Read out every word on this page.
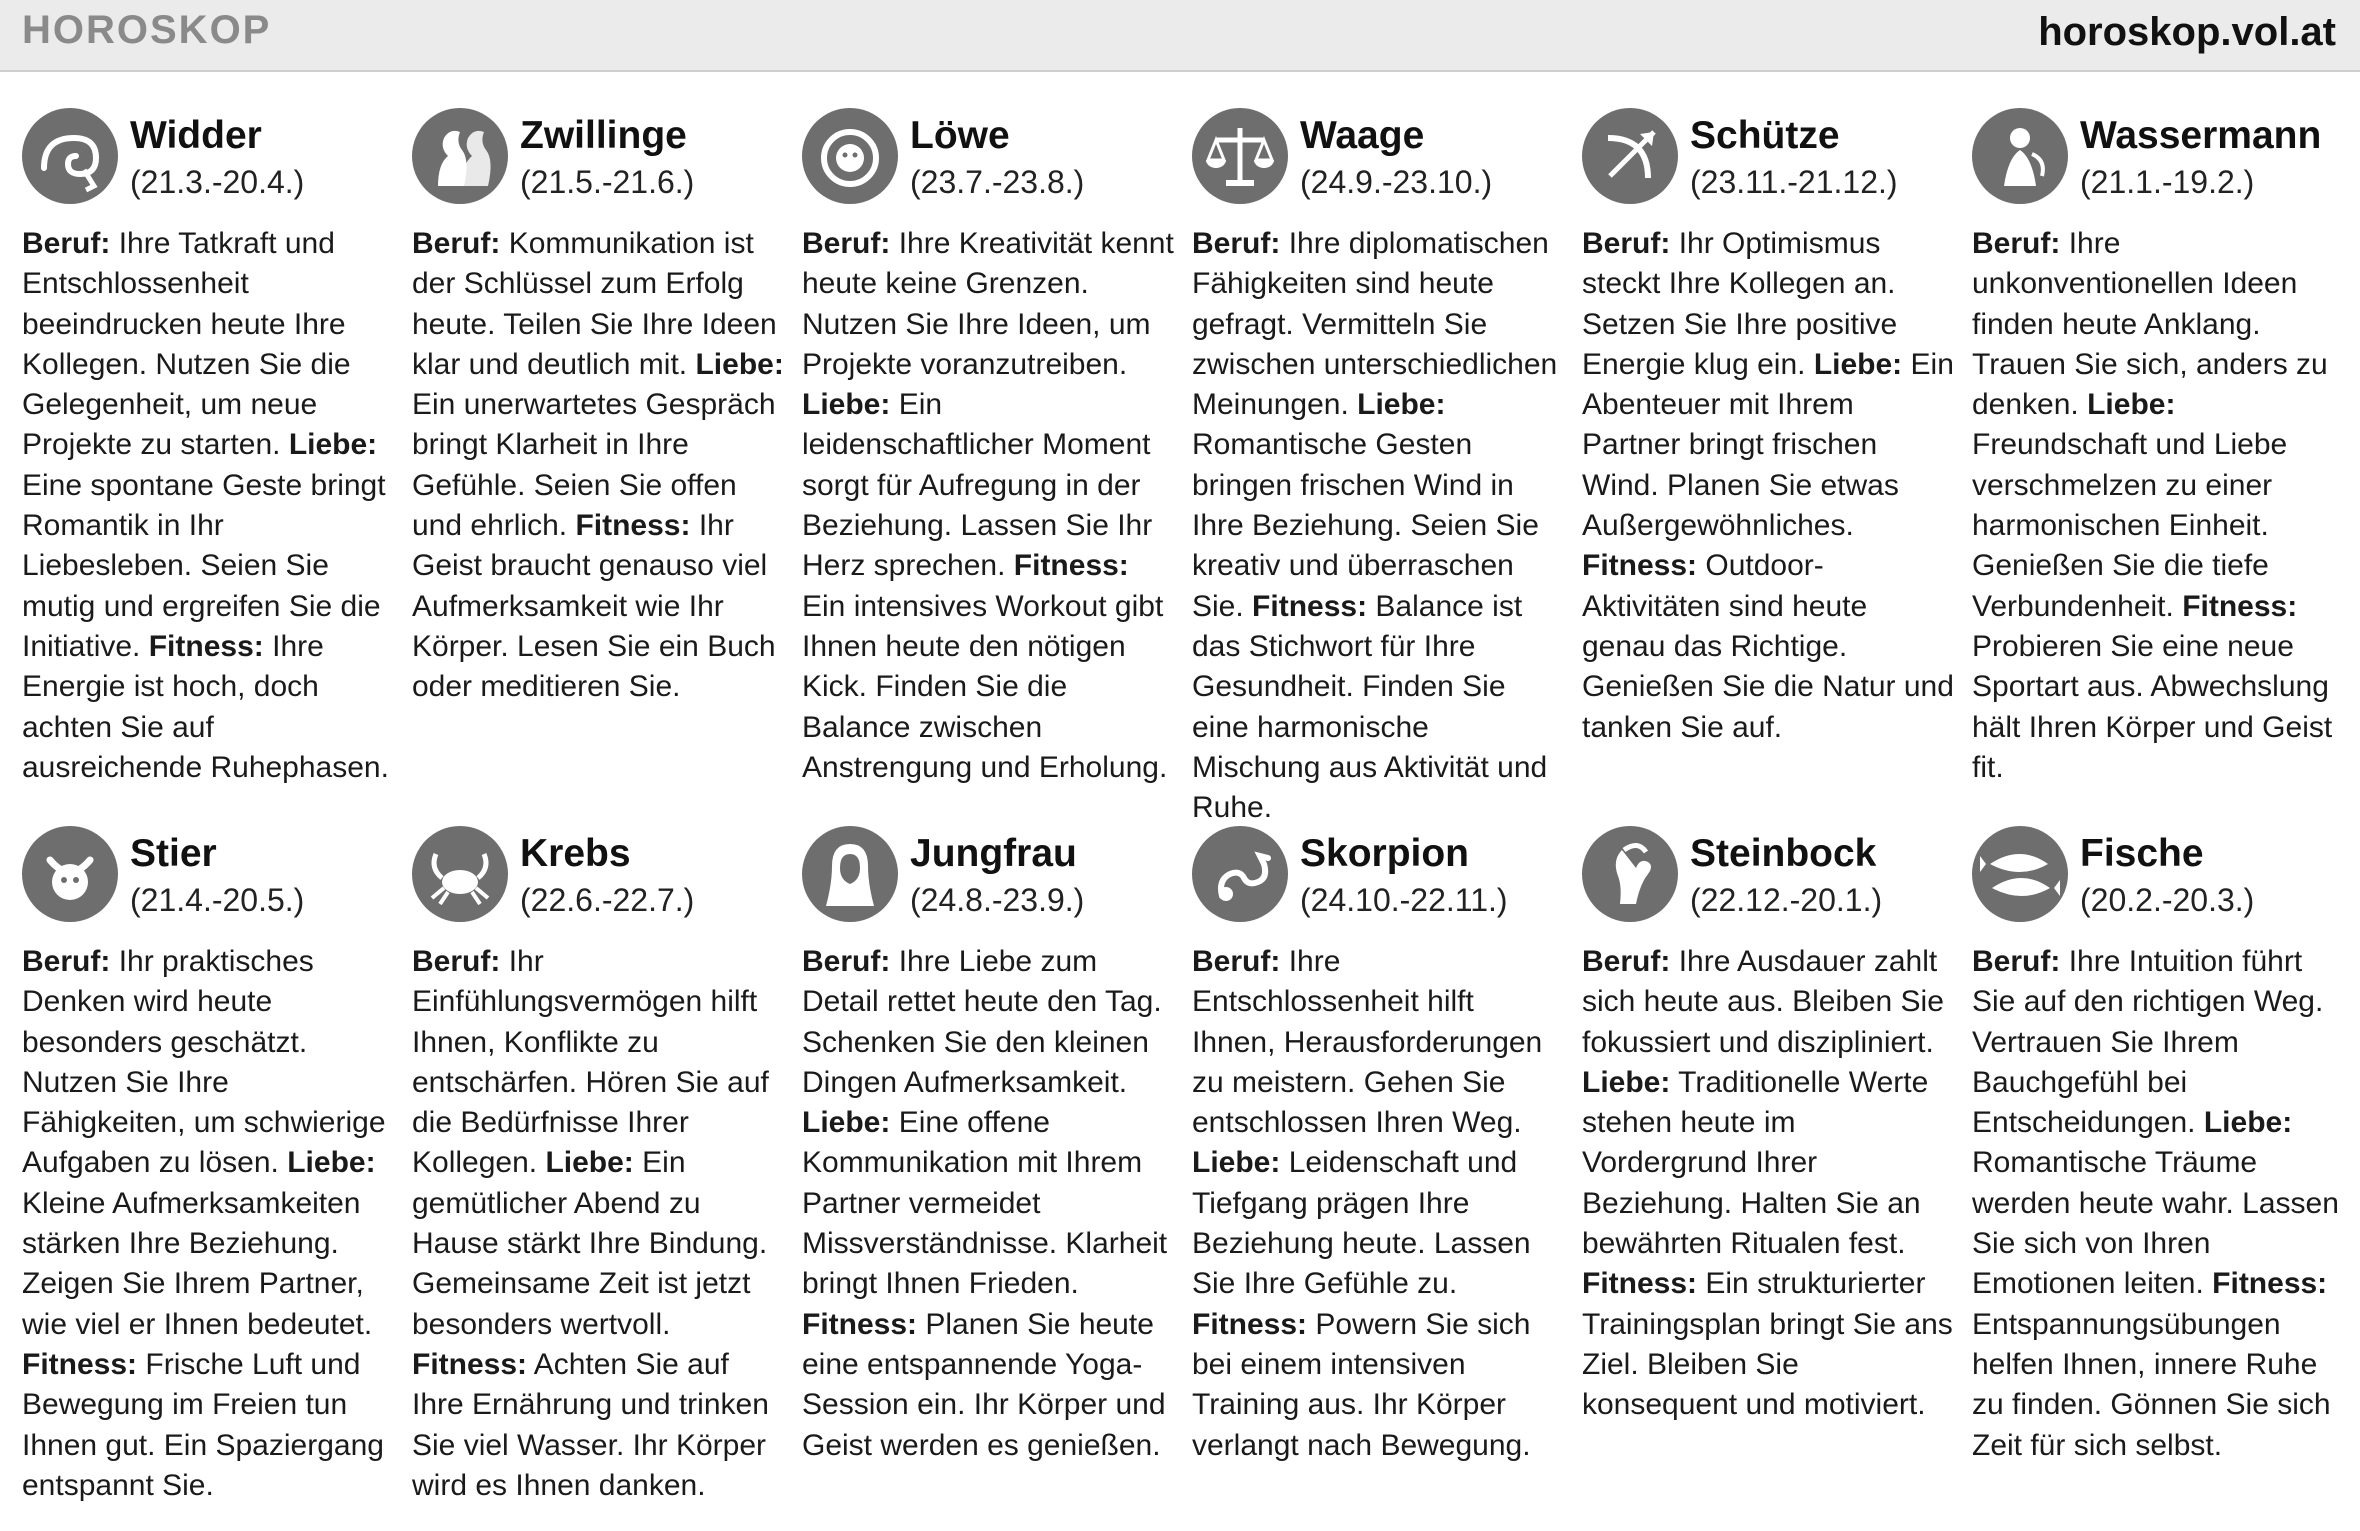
HOROSKOP	horoskop.vol.at
Widder
(21.3.-20.4.)

Beruf: Ihre Tatkraft und Entschlossenheit beeindrucken heute Ihre Kollegen. Nutzen Sie die Gelegenheit, um neue Projekte zu starten. Liebe: Eine spontane Geste bringt Romantik in Ihr Liebesleben. Seien Sie mutig und ergreifen Sie die Initiative. Fitness: Ihre Energie ist hoch, doch achten Sie auf ausreichende Ruhephasen.

Zwillinge
(21.5.-21.6.)

Beruf: Kommunikation ist der Schlüssel zum Erfolg heute. Teilen Sie Ihre Ideen klar und deutlich mit. Liebe: Ein unerwartetes Gespräch bringt Klarheit in Ihre Gefühle. Seien Sie offen und ehrlich. Fitness: Ihr Geist braucht genauso viel Aufmerksamkeit wie Ihr Körper. Lesen Sie ein Buch oder meditieren Sie.

Löwe
(23.7.-23.8.)

Beruf: Ihre Kreativität kennt heute keine Grenzen. Nutzen Sie Ihre Ideen, um Projekte voranzutreiben. Liebe: Ein leidenschaftlicher Moment sorgt für Aufregung in der Beziehung. Lassen Sie Ihr Herz sprechen. Fitness: Ein intensives Workout gibt Ihnen heute den nötigen Kick. Finden Sie die Balance zwischen Anstrengung und Erholung.

Waage
(24.9.-23.10.)

Beruf: Ihre diplomatischen Fähigkeiten sind heute gefragt. Vermitteln Sie zwischen unterschiedlichen Meinungen. Liebe: Romantische Gesten bringen frischen Wind in Ihre Beziehung. Seien Sie kreativ und überraschen Sie. Fitness: Balance ist das Stichwort für Ihre Gesundheit. Finden Sie eine harmonische Mischung aus Aktivität und Ruhe.

Schütze
(23.11.-21.12.)

Beruf: Ihr Optimismus steckt Ihre Kollegen an. Setzen Sie Ihre positive Energie klug ein. Liebe: Ein Abenteuer mit Ihrem Partner bringt frischen Wind. Planen Sie etwas Außergewöhnliches. Fitness: Outdoor-Aktivitäten sind heute genau das Richtige. Genießen Sie die Natur und tanken Sie auf.

Wassermann
(21.1.-19.2.)

Beruf: Ihre unkonventionellen Ideen finden heute Anklang. Trauen Sie sich, anders zu denken. Liebe: Freundschaft und Liebe verschmelzen zu einer harmonischen Einheit. Genießen Sie die tiefe Verbundenheit. Fitness: Probieren Sie eine neue Sportart aus. Abwechslung hält Ihren Körper und Geist fit.

Stier
(21.4.-20.5.)

Beruf: Ihr praktisches Denken wird heute besonders geschätzt. Nutzen Sie Ihre Fähigkeiten, um schwierige Aufgaben zu lösen. Liebe: Kleine Aufmerksamkeiten stärken Ihre Beziehung. Zeigen Sie Ihrem Partner, wie viel er Ihnen bedeutet. Fitness: Frische Luft und Bewegung im Freien tun Ihnen gut. Ein Spaziergang entspannt Sie.

Krebs
(22.6.-22.7.)

Beruf: Ihr Einfühlungsvermögen hilft Ihnen, Konflikte zu entschärfen. Hören Sie auf die Bedürfnisse Ihrer Kollegen. Liebe: Ein gemütlicher Abend zu Hause stärkt Ihre Bindung. Gemeinsame Zeit ist jetzt besonders wertvoll. Fitness: Achten Sie auf Ihre Ernährung und trinken Sie viel Wasser. Ihr Körper wird es Ihnen danken.

Jungfrau
(24.8.-23.9.)

Beruf: Ihre Liebe zum Detail rettet heute den Tag. Schenken Sie den kleinen Dingen Aufmerksamkeit. Liebe: Eine offene Kommunikation mit Ihrem Partner vermeidet Missverständnisse. Klarheit bringt Ihnen Frieden. Fitness: Planen Sie heute eine entspannende Yoga-Session ein. Ihr Körper und Geist werden es genießen.

Skorpion
(24.10.-22.11.)

Beruf: Ihre Entschlossenheit hilft Ihnen, Herausforderungen zu meistern. Gehen Sie entschlossen Ihren Weg. Liebe: Leidenschaft und Tiefgang prägen Ihre Beziehung heute. Lassen Sie Ihre Gefühle zu. Fitness: Powern Sie sich bei einem intensiven Training aus. Ihr Körper verlangt nach Bewegung.

Steinbock
(22.12.-20.1.)

Beruf: Ihre Ausdauer zahlt sich heute aus. Bleiben Sie fokussiert und diszipliniert. Liebe: Traditionelle Werte stehen heute im Vordergrund Ihrer Beziehung. Halten Sie an bewährten Ritualen fest. Fitness: Ein strukturierter Trainingsplan bringt Sie ans Ziel. Bleiben Sie konsequent und motiviert.

Fische
(20.2.-20.3.)

Beruf: Ihre Intuition führt Sie auf den richtigen Weg. Vertrauen Sie Ihrem Bauchgefühl bei Entscheidungen. Liebe: Romantische Träume werden heute wahr. Lassen Sie sich von Ihren Emotionen leiten. Fitness: Entspannungsübungen helfen Ihnen, innere Ruhe zu finden. Gönnen Sie sich Zeit für sich selbst.
